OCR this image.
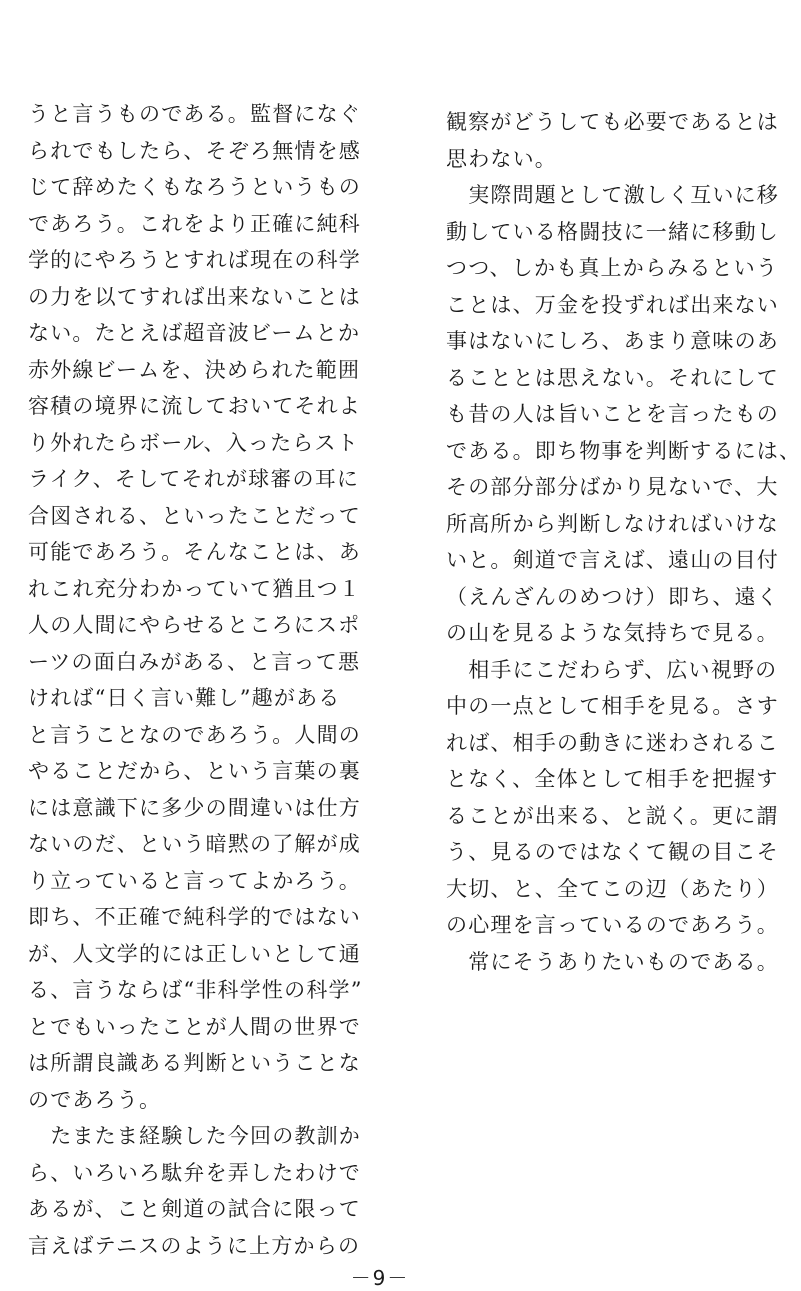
うと言うものである。監督になぐ
られでもしたら、そぞろ無情を感
じて辞めたくもなろうというもの
であろう。これをより正確に純科
学的にやろうとすれば現在の科学
の力を以てすれば出来ないことは
ない。たとえば超音波ビームとか
赤外線ビームを、決められた範囲
容積の境界に流しておいてそれよ
り外れたらボール、入ったらスト
ライク、そしてそれが球審の耳に
合図される、といったことだって
可能であろう。そんなことは、あ
れこれ充分わかっていて猶且つ１
人の人間にやらせるところにスポ
ーツの面白みがある、と言って悪
ければ“日く言い難し”趣がある
と言うことなのであろう。人間の
やることだから、という言葉の裏
には意識下に多少の間違いは仕方
ないのだ、という暗黙の了解が成
り立っていると言ってよかろう。
即ち、不正確で純科学的ではない
が、人文学的には正しいとして通
る、言うならば“非科学性の科学”
とでもいったことが人間の世界で
は所謂良識ある判断ということな
のであろう。
　たまたま経験した今回の教訓か
ら、いろいろ駄弁を弄したわけで
あるが、こと剣道の試合に限って
言えばテニスのように上方からの
観察がどうしても必要であるとは
思わない。
　実際問題として激しく互いに移
動している格闘技に一緒に移動し
つつ、しかも真上からみるという
ことは、万金を投ずれば出来ない
事はないにしろ、あまり意味のあ
ることとは思えない。それにして
も昔の人は旨いことを言ったもの
である。即ち物事を判断するには、
その部分部分ばかり見ないで、大
所高所から判断しなければいけな
いと。剣道で言えば、遠山の目付
（えんざんのめつけ）即ち、遠く
の山を見るような気持ちで見る。
　相手にこだわらず、広い視野の
中の一点として相手を見る。さす
れば、相手の動きに迷わされるこ
となく、全体として相手を把握す
ることが出来る、と説く。更に謂
う、見るのではなくて観の目こそ
大切、と、全てこの辺（あたり）
の心理を言っているのであろう。
　常にそうありたいものである。
－9－
